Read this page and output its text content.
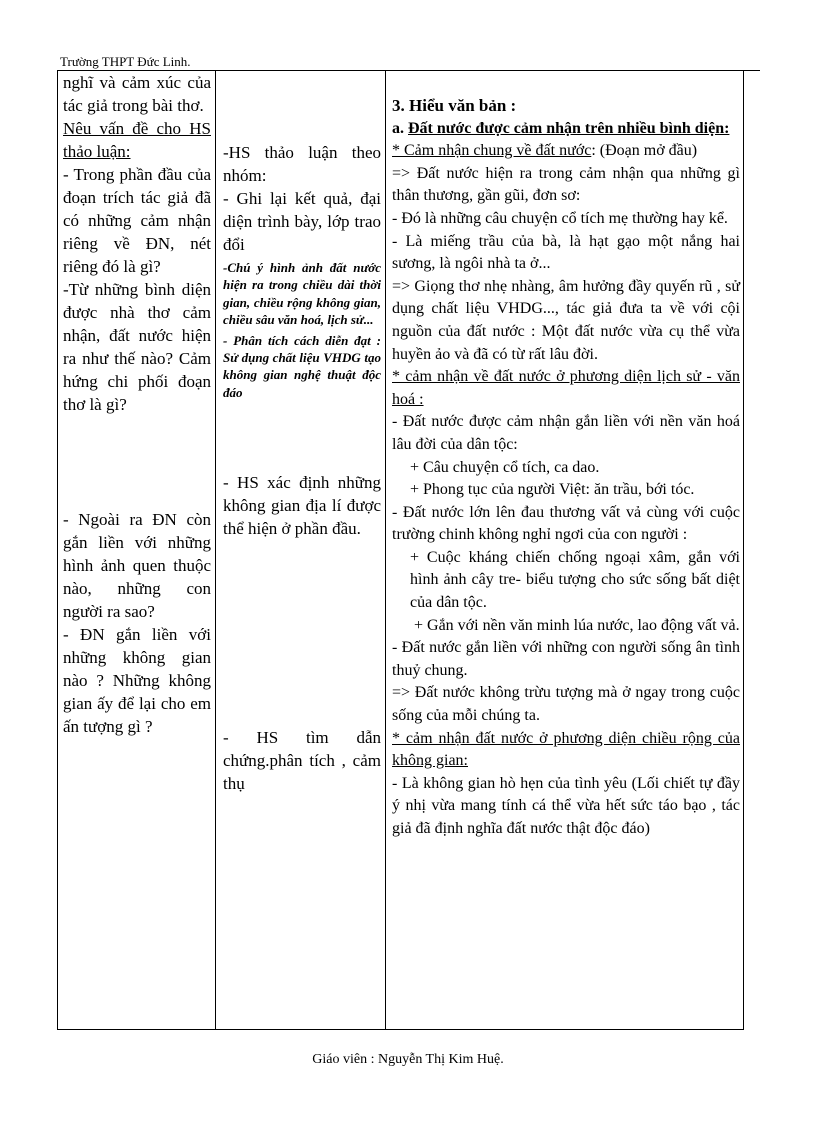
Trường THPT Đức Linh.

nghĩ và cảm xúc của tác giả trong bài thơ.

Nêu vấn đề cho HS thảo luận:

- Trong phần đầu của đoạn trích tác giả đã có những cảm nhận riêng về ĐN, nét riêng đó là gì?

-Từ những bình diện được nhà thơ cảm nhận, đất nước hiện ra như thế nào? Cảm hứng chi phối đoạn thơ là gì?

- Ngoài ra ĐN còn gắn liền với những hình ảnh quen thuộc nào, những con người ra sao?

- ĐN gắn liền với những không gian nào ? Những không gian ấy để lại cho em ấn tượng gì ?

-HS thảo luận theo nhóm:

- Ghi lại kết quả, đại diện trình bày, lớp trao đổi

-Chú ý hình ảnh đất nước hiện ra trong chiều dài thời gian, chiều rộng không gian, chiều sâu văn hoá, lịch sử...

- Phân tích cách diễn đạt : Sử dụng chất liệu VHDG tạo không gian nghệ thuật độc đáo

- HS xác định những không gian địa lí được thể hiện ở phần đầu.

- HS tìm dẫn chứng.phân tích , cảm thụ

3. Hiểu văn bản :

a. Đất nước được cảm nhận trên nhiều bình diện:

* Cảm nhận chung về đất nước: (Đoạn mở đầu)

=> Đất nước hiện ra trong cảm nhận qua những gì thân thương, gần gũi, đơn sơ:

- Đó là những câu chuyện cổ tích mẹ thường hay kể.

- Là miếng trầu của bà, là hạt gạo một nắng hai sương, là ngôi nhà ta ở...

=> Giọng thơ nhẹ nhàng, âm hưởng đầy quyến rũ , sử dụng chất liệu VHDG..., tác giả đưa ta về với cội nguồn của đất nước : Một đất nước vừa cụ thể vừa huyền ảo và đã có từ rất lâu đời.

* cảm nhận về đất nước ở phương diện lịch sử - văn hoá :

- Đất nước được cảm nhận gắn liền với nền văn hoá lâu đời của dân tộc:

+ Câu chuyện cổ tích, ca dao.

+ Phong tục của người Việt: ăn trầu, bới tóc.

- Đất nước lớn lên đau thương vất vả cùng với cuộc trường chinh không nghỉ ngơi của con người :

+ Cuộc kháng chiến chống ngoại xâm, gắn với hình ảnh cây tre- biểu tượng cho sức sống bất diệt của dân tộc.

+ Gắn với nền văn minh lúa nước, lao động vất vả.

- Đất nước gắn liền với những con người sống ân tình thuỷ chung.

=> Đất nước không trừu tượng mà ở ngay trong cuộc sống của mỗi chúng ta.

* cảm nhận đất nước ở phương diện chiều rộng của không gian:

- Là không gian hò hẹn của tình yêu (Lối chiết tự đầy ý nhị vừa mang tính cá thể vừa hết sức táo bạo , tác giả đã định nghĩa đất nước thật độc đáo)

Giáo viên : Nguyễn Thị Kim Huệ.
